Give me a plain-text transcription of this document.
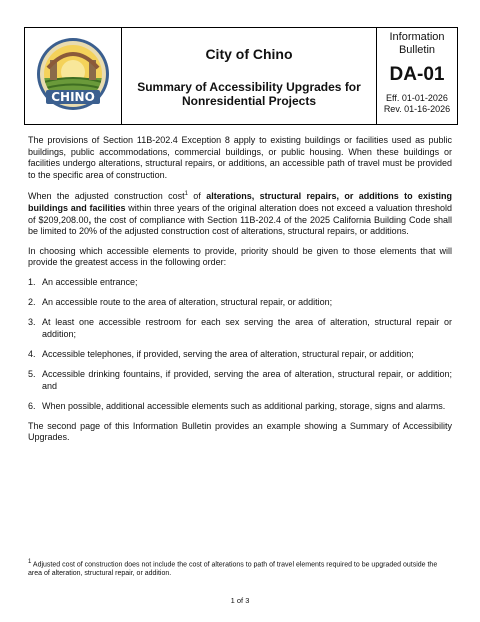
CHINO
City of Chino
Summary of Accessibility Upgrades for Nonresidential Projects
Information
Bulletin
DA-01
Eff. 01-01-2026
Rev. 01-16-2026

The provisions of Section 11B-202.4 Exception 8 apply to existing buildings or facilities used as public buildings, public accommodations, commercial buildings, or public housing. When these buildings or facilities undergo alterations, structural repairs, or additions, an accessible path of travel must be provided to the specific area of construction.

When the adjusted construction cost$^1$ of alterations, structural repairs, or additions to existing buildings and facilities within three years of the original alteration does not exceed a valuation threshold of $209,208.00, the cost of compliance with Section 11B-202.4 of the 2025 California Building Code shall be limited to 20% of the adjusted construction cost of alterations, structural repairs, or additions.

In choosing which accessible elements to provide, priority should be given to those elements that will provide the greatest access in the following order:

1. An accessible entrance;
2. An accessible route to the area of alteration, structural repair, or addition;
3. At least one accessible restroom for each sex serving the area of alteration, structural repair or addition;
4. Accessible telephones, if provided, serving the area of alteration, structural repair, or addition;
5. Accessible drinking fountains, if provided, serving the area of alteration, structural repair, or addition; and
6. When possible, additional accessible elements such as additional parking, storage, signs and alarms.

The second page of this Information Bulletin provides an example showing a Summary of Accessibility Upgrades.

$^1$ Adjusted cost of construction does not include the cost of alterations to path of travel elements required to be upgraded outside the area of alteration, structural repair, or addition.
1 of 3
